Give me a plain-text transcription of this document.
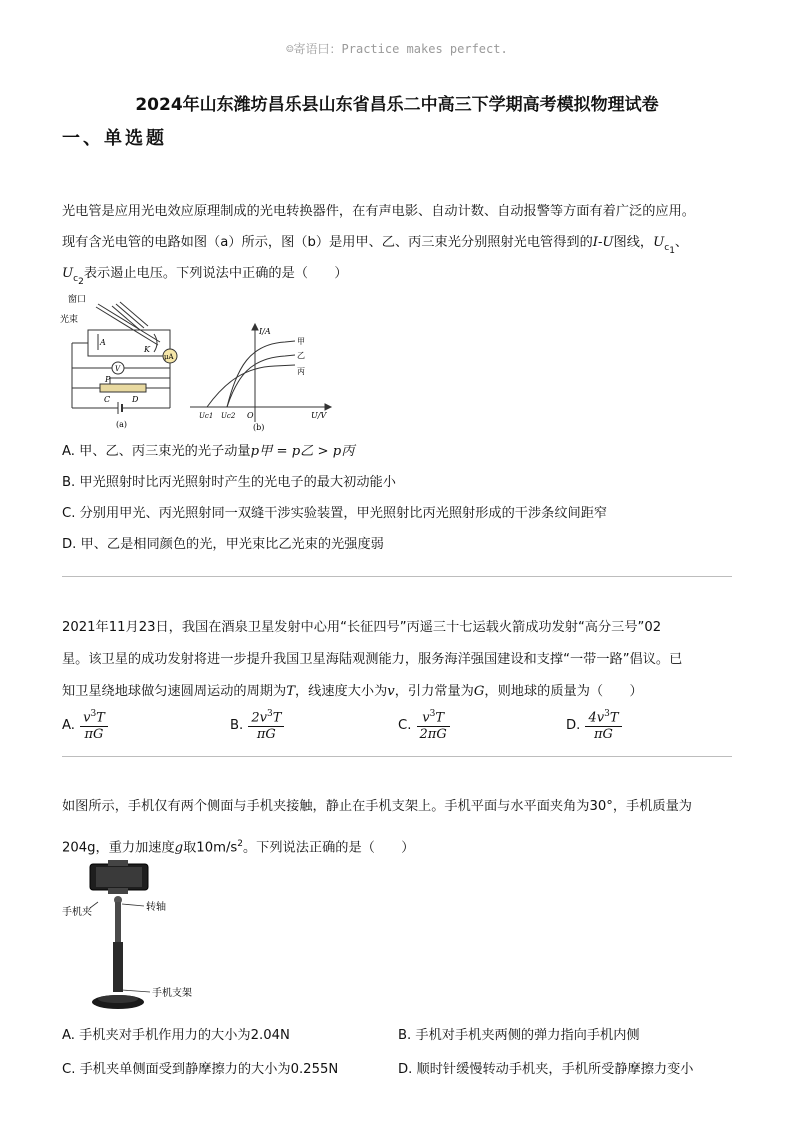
☺寄语曰：Practice makes perfect.
2024年山东潍坊昌乐县山东省昌乐二中高三下学期高考模拟物理试卷
一、单选题
光电管是应用光电效应原理制成的光电转换器件，在有声电影、自动计数、自动报警等方面有着广泛的应用。
现有含光电管的电路如图（a）所示，图（b）是用甲、乙、丙三束光分别照射光电管得到的I-U图线，$U_{c_1}$、
$U_{c_2}$表示遏止电压。下列说法中正确的是（　　）
窗口
光束
A
K
μA
V
P
C	D
(a)
I/A
U/V
O
Uc1 Uc2
甲
乙
丙
(b)
A. 甲、乙、丙三束光的光子动量p甲 = p乙 > p丙
B. 甲光照射时比丙光照射时产生的光电子的最大初动能小
C. 分别用甲光、丙光照射同一双缝干涉实验装置，甲光照射比丙光照射形成的干涉条纹间距窄
D. 甲、乙是相同颜色的光，甲光束比乙光束的光强度弱
2021年11月23日，我国在酒泉卫星发射中心用“长征四号”丙遥三十七运载火箭成功发射“高分三号”02
星。该卫星的成功发射将进一步提升我国卫星海陆观测能力，服务海洋强国建设和支撑“一带一路”倡议。已
知卫星绕地球做匀速圆周运动的周期为T，线速度大小为v，引力常量为G，则地球的质量为（　　）
A. $\frac{v^3T}{\pi G}$	B. $\frac{2v^3T}{\pi G}$	C. $\frac{v^3T}{2\pi G}$	D. $\frac{4v^3T}{\pi G}$
如图所示，手机仅有两个侧面与手机夹接触，静止在手机支架上。手机平面与水平面夹角为30°，手机质量为
204g，重力加速度g取$10m/s^2$。下列说法正确的是（　　）
手机夹	转轴
手机支架
A. 手机夹对手机作用力的大小为2.04N	B. 手机对手机夹两侧的弹力指向手机内侧
C. 手机夹单侧面受到静摩擦力的大小为0.255N	D. 顺时针缓慢转动手机夹，手机所受静摩擦力变小
